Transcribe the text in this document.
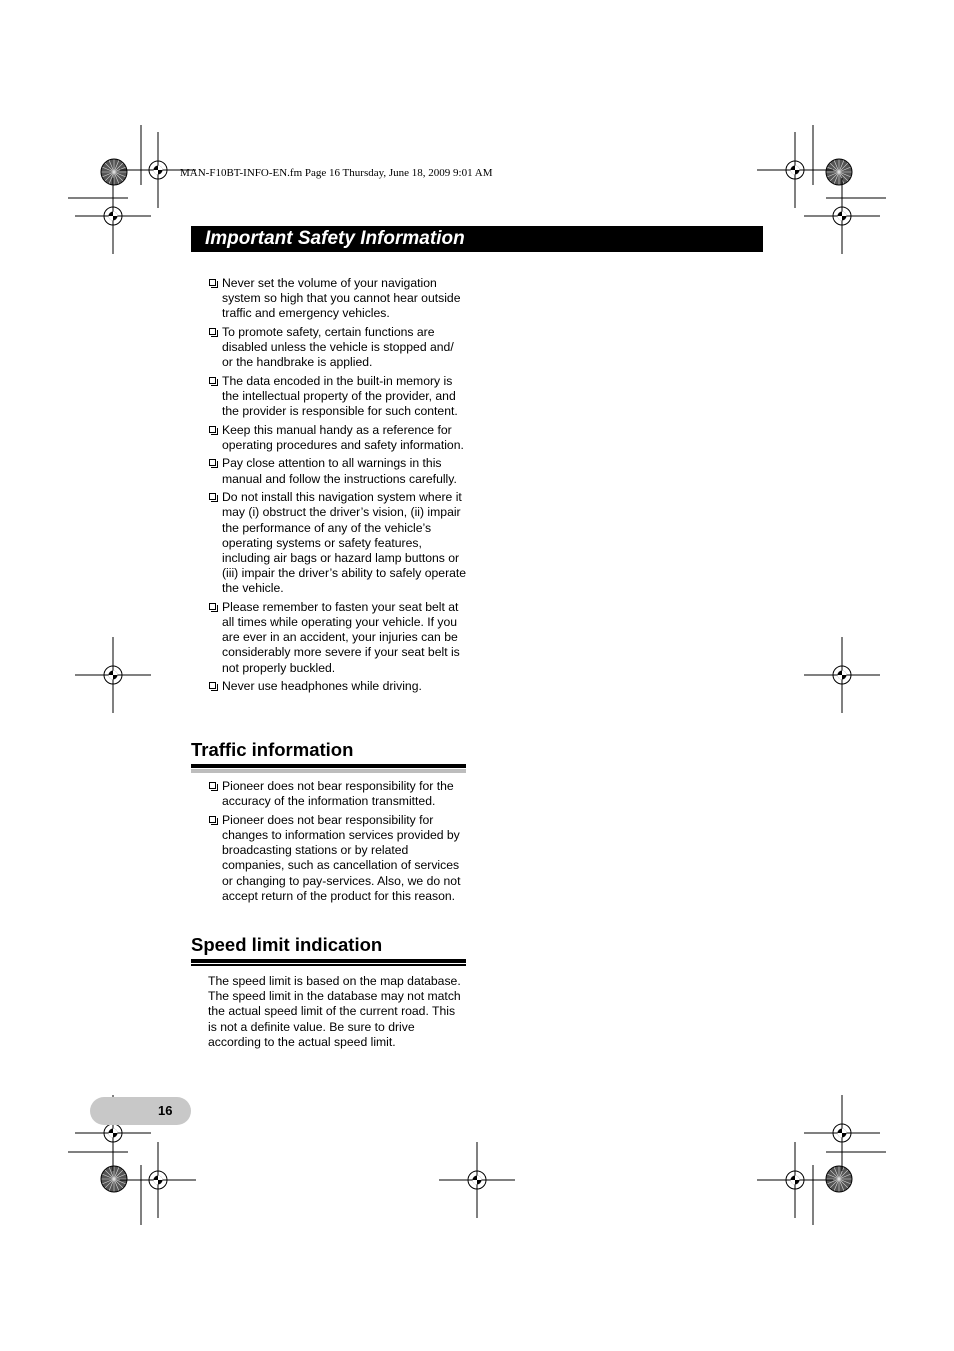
MAN-F10BT-INFO-EN.fm Page 16 Thursday, June 18, 2009 9:01 AM
Important Safety Information
Never set the volume of your navigation system so high that you cannot hear outside traffic and emergency vehicles.
To promote safety, certain functions are disabled unless the vehicle is stopped and/ or the handbrake is applied.
The data encoded in the built-in memory is the intellectual property of the provider, and the provider is responsible for such content.
Keep this manual handy as a reference for operating procedures and safety information.
Pay close attention to all warnings in this manual and follow the instructions carefully.
Do not install this navigation system where it may (i) obstruct the driver’s vision, (ii) impair the performance of any of the vehicle’s operating systems or safety features, including air bags or hazard lamp buttons or (iii) impair the driver’s ability to safely operate the vehicle.
Please remember to fasten your seat belt at all times while operating your vehicle. If you are ever in an accident, your injuries can be considerably more severe if your seat belt is not properly buckled.
Never use headphones while driving.
Traffic information
Pioneer does not bear responsibility for the accuracy of the information transmitted.
Pioneer does not bear responsibility for changes to information services provided by broadcasting stations or by related companies, such as cancellation of services or changing to pay-services. Also, we do not accept return of the product for this reason.
Speed limit indication
The speed limit is based on the map database. The speed limit in the database may not match the actual speed limit of the current road. This is not a definite value. Be sure to drive according to the actual speed limit.
16
